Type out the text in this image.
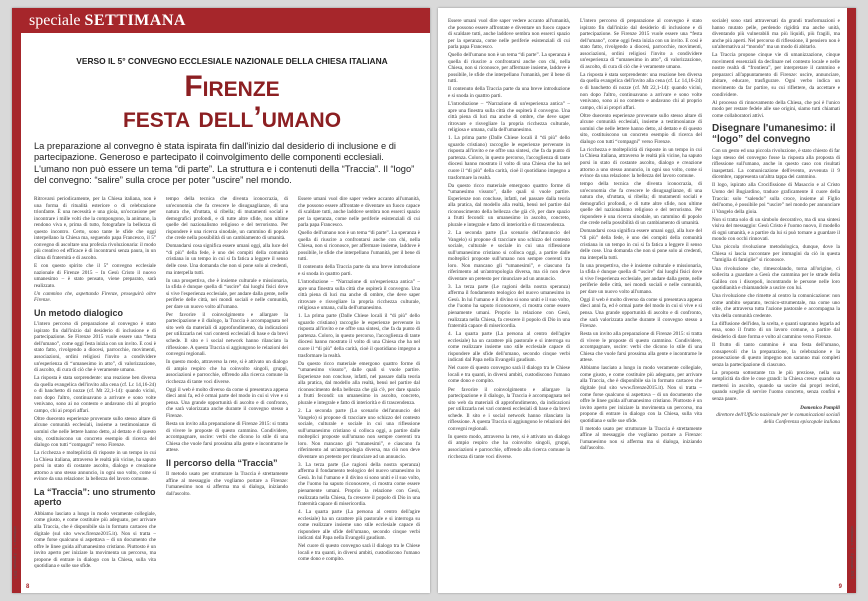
speciale SETTIMANA
VERSO IL 5° CONVEGNO ECCLESIALE NAZIONALE DELLA CHIESA ITALIANA
Firenze
festa dell’umano
La preparazione al convegno è stata ispirata fin dall'inizio dal desiderio di inclusione e di partecipazione. Generoso e partecipato il coinvolgimento delle componenti ecclesiali. L'umano non può essere un tema “di parte”. La struttura e i contenuti della “Traccia”. Il “logo” del convegno: “salire” sulla croce per poter “uscire” nel mondo.

Ritrovarsi periodicamente, per la Chiesa italiana, non è una forma di ritualità esteriore o di celebrazione trionfante. È una necessità e una gioia, un'occasione per incontrare i mille volti che la compongono, la animano, la rendono viva e, prima di tutto, fotografare la bellezza di questo incontro. Certo, sono tante le sfide che oggi interpellano la Chiesa ma, seguendo papa Francesco, il 5° convegno di ascoltare una profezia rivoluzionaria: il modo più creativo ed efficace è di incontrarsi senza paura, in un clima di fraternità e di ascolto.

E con questo spirito che il 5° convegno ecclesiale nazionale di Firenze 2015 – In Gesù Cristo il nuovo umanesimo – è stato pensato, viene preparato, sarà realizzato.

Un cammino che, aspettando Firenze, proseguirà oltre Firenze.

Un metodo dialogico

L'intero percorso di preparazione al convegno è stato ispirato fin dall'inizio dal desiderio di inclusione e di partecipazione. Se Firenze 2015 vuole essere una “festa dell'umano”, come oggi festa inizia con un invito. E così è stato fatto, rivolgendo a diocesi, parrocchie, movimenti, associazioni, ordini religiosi l'invito a condividere un'esperienza di “umanesimo in atto”, di valorizzazione, di ascolto, di cura di ciò che è veramente umano.

La risposta è stata sorprendente: una reazione ben diversa da quella evangelica dell'invito alla cena (cf. Lc 14,16-24) o di banchetto di nozze (cf. Mt 22,1-14): quando vicini, non dopo l'altro, continuavano a arrivare e sono volte venivano, sono ai no contesto e andavano chi al proprio campo, chi ai propri affari.

Oltre duecento esperienze provenute sullo stesso altare di alcune comunità ecclesiali, insieme a testimonianze di uomini che nelle lettere hanno detto, al dettato e di questo sito, costituiscono un concreto esempio di ricerca del dialogo con tutti “compagni” verso Firenze.

La ricchezza e molteplicità di risposte in un tempo in cui la Chiesa italiana, attraverso le realtà più vicine, ha saputo porsi in stato di costante ascolto, dialogo e creazione attorno a uno stesso annuncio, in ogni suo volto, come si evince da una relazione: la bellezza del lavoro comune.

La “Traccia”: uno strumento aperto

Abbiamo lasciato a lungo in modo veramente collegiale, come giusto, e come costituire più adeguato, per arrivare alla Traccia, che è disponibile sia in formato cartaceo che digitale (sul sito www.firenze2015.it). Non si tratta – come forse qualcuno si aspettava – di un documento che offre le linee guida all'umanesimo cristiano. Piuttosto è un invito aperto per iniziare la movimenta un percorso, ma propone di entrare in dialogo con la Chiesa, sulla vita quotidiana e sulle sue sfide.

tempo della tecnica che diventa iconocrazia, di un'economia che fa crescere le disuguaglianze, di una natura che, sfruttata, si ribella; di mutamenti sociali e demografici profondi, e di tutte altre sfide, non ultime quelle del nazionalismo religioso e del terrorismo. Per rispondere è una ricerca sinodale, un cammino di popolo che crede nella possibilità di un cambiamento di umanità.

Domandarsi cosa significa essere umani oggi, alla luce del “di più” della fede, è uno dei compiti della comunità cristiana in un tempo in cui si fa fatica a leggere il senso delle cose. Una domanda che non si pone solo ai credenti, ma interpella tutti.

In una prospettiva, che è insieme culturale e missionaria, la sfida è dunque quella di “uscire” dai luoghi fisici dove si vive l'esperienza ecclesiale, per andare dalla gente, nelle periferie delle città, nei mondi sociali e nelle comunità, per dare un nuovo volto all'umano.

Per favorire il coinvolgimento e allargare la partecipazione e il dialogo, la Traccia è accompagnata nel sito web da materiali di approfondimento, da indicazioni per utilizzarla nei vari contesti ecclesiali di base e da brevi schede. Il sito e i social network hanno rilanciato la riflessione. A questa Traccia si aggiungono le relazioni dei convegni regionali.

In questo modo, attraverso la rete, si è attivato un dialogo di ampio respiro che ha coinvolto singoli, gruppi, associazioni e parrocchie, offrendo alla ricerca comune la ricchezza di tante voci diverse.

Oggi il web è molto diverso da come si presentava appena dieci anni fa, ed è ormai parte del modo in cui si vive e si pensa. Una grande opportunità di ascolto e di confronto, che sarà valorizzata anche durante il convegno stesso a Firenze.

Resta un invito alla preparazione di Firenze 2015: si tratta di vivere le proposte di questo cammino. Condividere, accompagnare, uscire: verbi che dicono lo stile di una Chiesa che vuole farsi prossima alla gente e incontrarne le attese.

Il percorso della “Traccia”

Il metodo usato per strutturare la Traccia è strettamente affine al messaggio che vogliamo portare a Firenze: l'umanesimo non si afferma ma si dialoga, iniziando dall'ascolto.

Essere umani vuol dire saper vedere accanto all'umanità, che possono essere affrontate e diventare un fuoco capace di scaldare tutti, anche laddove sembra non esserci spazio per la speranza, come nelle periferie esistenziali di cui parla papa Francesco.

Quello dell'umano non è un tema “di parte”. La speranza è quella di riuscire a confrontarsi anche con chi, nella Chiesa, non si riconosce, per affermare insieme, laddove è possibile, le sfide che interpellano l'umanità, per il bene di tutti.

Il contenuto della Traccia parte da una breve introduzione e si snoda in quattro parti.

L'introduzione – “Narrazione di un'esperienza antica” – apre una finestra sulla città che ospiterà il convegno. Una città piena di luci ma anche di ombre, che deve saper ritrovare e risvegliare la propria ricchezza culturale, religiosa e umana, culla dell'umanesimo.

1. La prima parte (Dalle Chiese locali il “di più” dello sguardo cristiano) raccoglie le esperienze pervenute in risposta all'invito e ne offre una sintesi, che fa da punto di partenza. Coloro, in questo percorso, l'accoglienza di tante diocesi hanno mostrato il volto di una Chiesa che ha nel cuore il “di più” della carità, cioè il quotidiano impegno a trasformare la realtà.

Da questo ricco materiale emergono quattro forme di “umanesimo vissuto”, dalle quali si vuole partire. Esperienze non concluse, infatti, nel passare dalla teoria alla pratica, dal modello alla realtà, bensì nel partire dal riconoscimento della bellezza che già c'è, per dare spazio a frutti fecondi: un umanesimo in ascolto, concreto, plurale e integrale e fatto di interiorità e di trascendenza.

2. La seconda parte (Lo scenario dell'annuncio del Vangelo) si propone di tracciare uno schizzo del contesto sociale, culturale e sociale in cui una riflessione sull'umanesimo cristiano si colloca oggi, a partire dalle molteplici proposte sull'umano non sempre coerenti tra loro. Non mancano gli “umanesimi”, e ciascuno fa riferimento ad un'antropologia diversa, ma ciò non deve diventare un pretesto per rinunciare ad un annuncio.

3. La terza parte (Le ragioni della nostra speranza) afferma il fondamento teologico del nuovo umanesimo in Gesù. In lui l'umano e il divino si sono uniti e il suo volto, che l'uomo ha saputo riconoscere, ci mostra come essere pienamente umani. Proprio la relazione con Gesù, realizzata nella Chiesa, fa crescere il popolo di Dio in una fraternità capace di misericordia.

4. La quarta parte (La persona al centro dell'agire ecclesiale) ha un carattere più pastorale e si interroga su come realizzare insieme uno stile ecclesiale capace di rispondere alle sfide dell'umano, secondo cinque verbi indicati dal Papa nella Evangelii gaudium.

Nel cuore di questo convegno sarà il dialogo tra le Chiese locali e tra quanti, in diversi ambiti, custodiscono l'umano come dono e compito.

settimana n. 1 · 4 gennaio 2015
8

Essere umani vuol dire saper vedere accanto all'umanità, che possono essere affrontate e diventare un fuoco capace di scaldare tutti, anche laddove sembra non esserci spazio per la speranza, come nelle periferie esistenziali di cui parla papa Francesco.

Quello dell'umano non è un tema “di parte”. La speranza è quella di riuscire a confrontarsi anche con chi, nella Chiesa, non si riconosce, per affermare insieme, laddove è possibile, le sfide che interpellano l'umanità, per il bene di tutti.

Il contenuto della Traccia parte da una breve introduzione e si snoda in quattro parti.

L'introduzione – “Narrazione di un'esperienza antica” – apre una finestra sulla città che ospiterà il convegno. Una città piena di luci ma anche di ombre, che deve saper ritrovare e risvegliare la propria ricchezza culturale, religiosa e umana, culla dell'umanesimo.

1. La prima parte (Dalle Chiese locali il “di più” dello sguardo cristiano) raccoglie le esperienze pervenute in risposta all'invito e ne offre una sintesi, che fa da punto di partenza. Coloro, in questo percorso, l'accoglienza di tante diocesi hanno mostrato il volto di una Chiesa che ha nel cuore il “di più” della carità, cioè il quotidiano impegno a trasformare la realtà.

Da questo ricco materiale emergono quattro forme di “umanesimo vissuto”, dalle quali si vuole partire. Esperienze non concluse, infatti, nel passare dalla teoria alla pratica, dal modello alla realtà, bensì nel partire dal riconoscimento della bellezza che già c'è, per dare spazio a frutti fecondi: un umanesimo in ascolto, concreto, plurale e integrale e fatto di interiorità e di trascendenza.

2. La seconda parte (Lo scenario dell'annuncio del Vangelo) si propone di tracciare uno schizzo del contesto sociale, culturale e sociale in cui una riflessione sull'umanesimo cristiano si colloca oggi, a partire dalle molteplici proposte sull'umano non sempre coerenti tra loro. Non mancano gli “umanesimi”, e ciascuno fa riferimento ad un'antropologia diversa, ma ciò non deve diventare un pretesto per rinunciare ad un annuncio.

3. La terza parte (Le ragioni della nostra speranza) afferma il fondamento teologico del nuovo umanesimo in Gesù. In lui l'umano e il divino si sono uniti e il suo volto, che l'uomo ha saputo riconoscere, ci mostra come essere pienamente umani. Proprio la relazione con Gesù, realizzata nella Chiesa, fa crescere il popolo di Dio in una fraternità capace di misericordia.

4. La quarta parte (La persona al centro dell'agire ecclesiale) ha un carattere più pastorale e si interroga su come realizzare insieme uno stile ecclesiale capace di rispondere alle sfide dell'umano, secondo cinque verbi indicati dal Papa nella Evangelii gaudium.

Nel cuore di questo convegno sarà il dialogo tra le Chiese locali e tra quanti, in diversi ambiti, custodiscono l'umano come dono e compito.

Per favorire il coinvolgimento e allargare la partecipazione e il dialogo, la Traccia è accompagnata nel sito web da materiali di approfondimento, da indicazioni per utilizzarla nei vari contesti ecclesiali di base e da brevi schede. Il sito e i social network hanno rilanciato la riflessione. A questa Traccia si aggiungono le relazioni dei convegni regionali.

In questo modo, attraverso la rete, si è attivato un dialogo di ampio respiro che ha coinvolto singoli, gruppi, associazioni e parrocchie, offrendo alla ricerca comune la ricchezza di tante voci diverse.

L'intero percorso di preparazione al convegno è stato ispirato fin dall'inizio dal desiderio di inclusione e di partecipazione. Se Firenze 2015 vuole essere una “festa dell'umano”, come oggi festa inizia con un invito. E così è stato fatto, rivolgendo a diocesi, parrocchie, movimenti, associazioni, ordini religiosi l'invito a condividere un'esperienza di “umanesimo in atto”, di valorizzazione, di ascolto, di cura di ciò che è veramente umano.

La risposta è stata sorprendente: una reazione ben diversa da quella evangelica dell'invito alla cena (cf. Lc 14,16-24) o di banchetto di nozze (cf. Mt 22,1-14): quando vicini, non dopo l'altro, continuavano a arrivare e sono volte venivano, sono ai no contesto e andavano chi al proprio campo, chi ai propri affari.

Oltre duecento esperienze provenute sullo stesso altare di alcune comunità ecclesiali, insieme a testimonianze di uomini che nelle lettere hanno detto, al dettato e di questo sito, costituiscono un concreto esempio di ricerca del dialogo con tutti “compagni” verso Firenze.

La ricchezza e molteplicità di risposte in un tempo in cui la Chiesa italiana, attraverso le realtà più vicine, ha saputo porsi in stato di costante ascolto, dialogo e creazione attorno a uno stesso annuncio, in ogni suo volto, come si evince da una relazione: la bellezza del lavoro comune.

tempo della tecnica che diventa iconocrazia, di un'economia che fa crescere le disuguaglianze, di una natura che, sfruttata, si ribella; di mutamenti sociali e demografici profondi, e di tutte altre sfide, non ultime quelle del nazionalismo religioso e del terrorismo. Per rispondere è una ricerca sinodale, un cammino di popolo che crede nella possibilità di un cambiamento di umanità.

Domandarsi cosa significa essere umani oggi, alla luce del “di più” della fede, è uno dei compiti della comunità cristiana in un tempo in cui si fa fatica a leggere il senso delle cose. Una domanda che non si pone solo ai credenti, ma interpella tutti.

In una prospettiva, che è insieme culturale e missionaria, la sfida è dunque quella di “uscire” dai luoghi fisici dove si vive l'esperienza ecclesiale, per andare dalla gente, nelle periferie delle città, nei mondi sociali e nelle comunità, per dare un nuovo volto all'umano.

Oggi il web è molto diverso da come si presentava appena dieci anni fa, ed è ormai parte del modo in cui si vive e si pensa. Una grande opportunità di ascolto e di confronto, che sarà valorizzata anche durante il convegno stesso a Firenze.

Resta un invito alla preparazione di Firenze 2015: si tratta di vivere le proposte di questo cammino. Condividere, accompagnare, uscire: verbi che dicono lo stile di una Chiesa che vuole farsi prossima alla gente e incontrarne le attese.

Abbiamo lasciato a lungo in modo veramente collegiale, come giusto, e come costituire più adeguato, per arrivare alla Traccia, che è disponibile sia in formato cartaceo che digitale (sul sito www.firenze2015.it). Non si tratta – come forse qualcuno si aspettava – di un documento che offre le linee guida all'umanesimo cristiano. Piuttosto è un invito aperto per iniziare la movimenta un percorso, ma propone di entrare in dialogo con la Chiesa, sulla vita quotidiana e sulle sue sfide.

Il metodo usato per strutturare la Traccia è strettamente affine al messaggio che vogliamo portare a Firenze: l'umanesimo non si afferma ma si dialoga, iniziando dall'ascolto.

sociale) sono stati attraversati da grandi trasformazioni e hanno mutato pelle, perdendo rigidità ma anche unità, diventando più vulnerabili ma più liquidi, più fragili, ma anche più aperti. Nel percorso di riflessione, il pensiero non è un'alternativa al “mondo” ma un modo di abitarlo.

La Traccia propone cinque vie di umanizzazione, cinque movimenti essenziali da declinare nel contesto locale e nelle nostre realtà di “frontiera”, per interpretare il cammino e prepararci all'appuntamento di Firenze: uscire, annunciare, abitare, educare, trasfigurare. Ogni verbo indica un movimento da far partire, su cui riflettere, da accettare e condividere.

Al processo di rinnovamento della Chiesa, che poi è l'unico modo per restare fedele alle sue origini, siamo tutti chiamati come collaboratori attivi.

Disegnare l'umanesimo: il “logo” del convegno

Con un gesto ed una piccola rivoluzione, è stato chiesto di far logo stesso del convegno fosse la risposta alla proposta di riflessione sull'umano, anche in questo caso con risultati inaspettati. La comunicazione dell'evento, avvenuta il 9 dicembre, rappresenta un'altra tappa del cammino.

Il logo, ispirato alla Crocifissione di Masaccio e al Cristo Uomo del Bugiardino, traduce graficamente il cuore della Traccia: solo “salendo” sulla croce, insieme al Figlio dell'uomo, è possibile poi “uscire” nel mondo per annunciare il Vangelo della gioia.

Non si tratta solo di un simbolo decorativo, ma di una sintesi visiva del messaggio: Gesù Cristo è l'uomo nuovo, il modello di ogni umanità, e a partire da lui si può tornare a guardare il mondo con occhi rinnovati.

Una piccola rivoluzione metodologica, dunque, dove la Chiesa si lascia raccontare per immagini da ciò in questa “famiglia di famiglie” si riconosce.

Una rivoluzione che, rimescolando, torna all'origine, ci sollecita a guardare a Gesù che cammina per le strade della Galilea con i discepoli, incontrando le persone nelle loro quotidianità e chiamandole a uscire con lui.

Una rivoluzione che rimette al centro la comunicazione: non come ambito separato, tecnico-strumentale, ma come uno stile, che attraversa tutta l'azione pastorale e accompagna la vita della comunità credente.

La diffusione dell'idea, la scelta, e quanti sapranno legarla ad essa, sono il frutto di un lavoro comune, a partire dal desiderio di dare forma e volto al cammino verso Firenze.

Il frutto di tanto cammino è una festa dell'umano, consapevoli che la preparazione, la celebrazione e la prosecuzione di questo impegno non saranno mai completi senza la partecipazione di ciascuno.

La proposta sottostante tra le più preziose, nella sua semplicità da dire le cose grandi: la Chiesa cresce quando sa mettersi in ascolto, quando sa uscire dai propri recinti, quando sceglie di servire l'uomo concreto, senza confini e senza paure.

Domenico Pompili
direttore dell'Ufficio nazionale per le comunicazioni sociali della Conferenza episcopale italiana
settimana n. 1 · 4 gennaio 2015
9
